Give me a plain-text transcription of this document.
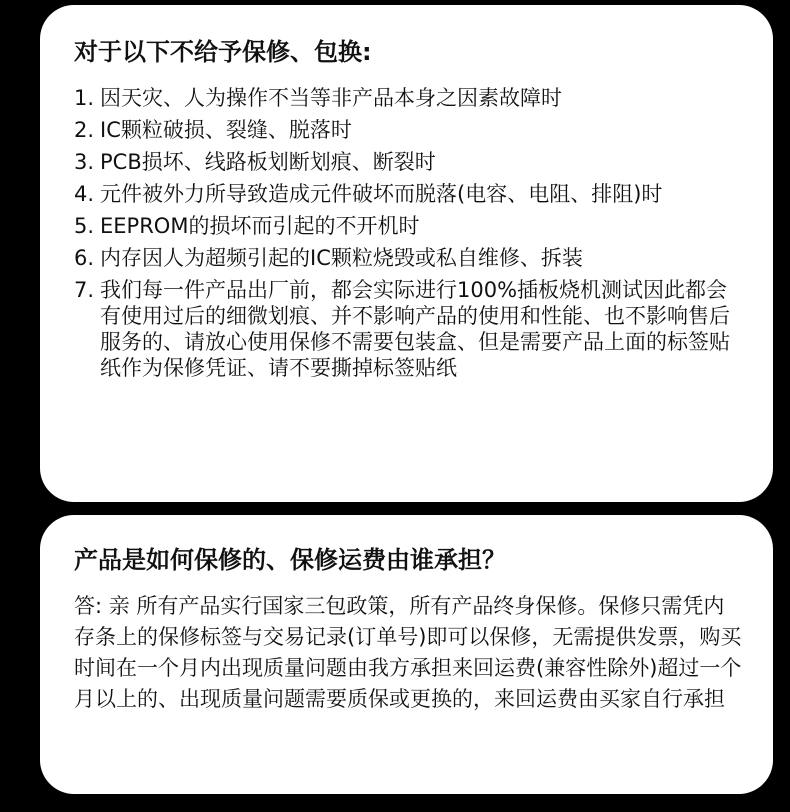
对于以下不给予保修、包换:
1. 因天灾、人为操作不当等非产品本身之因素故障时
2. IC颗粒破损、裂缝、脱落时
3. PCB损坏、线路板划断划痕、断裂时
4. 元件被外力所导致造成元件破坏而脱落(电容、电阻、排阻)时
5. EEPROM的损坏而引起的不开机时
6. 内存因人为超频引起的IC颗粒烧毁或私自维修、拆装
7. 我们每一件产品出厂前，都会实际进行100%插板烧机测试因此都会有使用过后的细微划痕、并不影响产品的使用和性能、也不影响售后服务的、请放心使用保修不需要包装盒、但是需要产品上面的标签贴纸作为保修凭证、请不要撕掉标签贴纸
产品是如何保修的、保修运费由谁承担？

答: 亲 所有产品实行国家三包政策，所有产品终身保修。保修只需凭内存条上的保修标签与交易记录(订单号)即可以保修，无需提供发票，购买时间在一个月内出现质量问题由我方承担来回运费(兼容性除外)超过一个月以上的、出现质量问题需要质保或更换的，来回运费由买家自行承担
